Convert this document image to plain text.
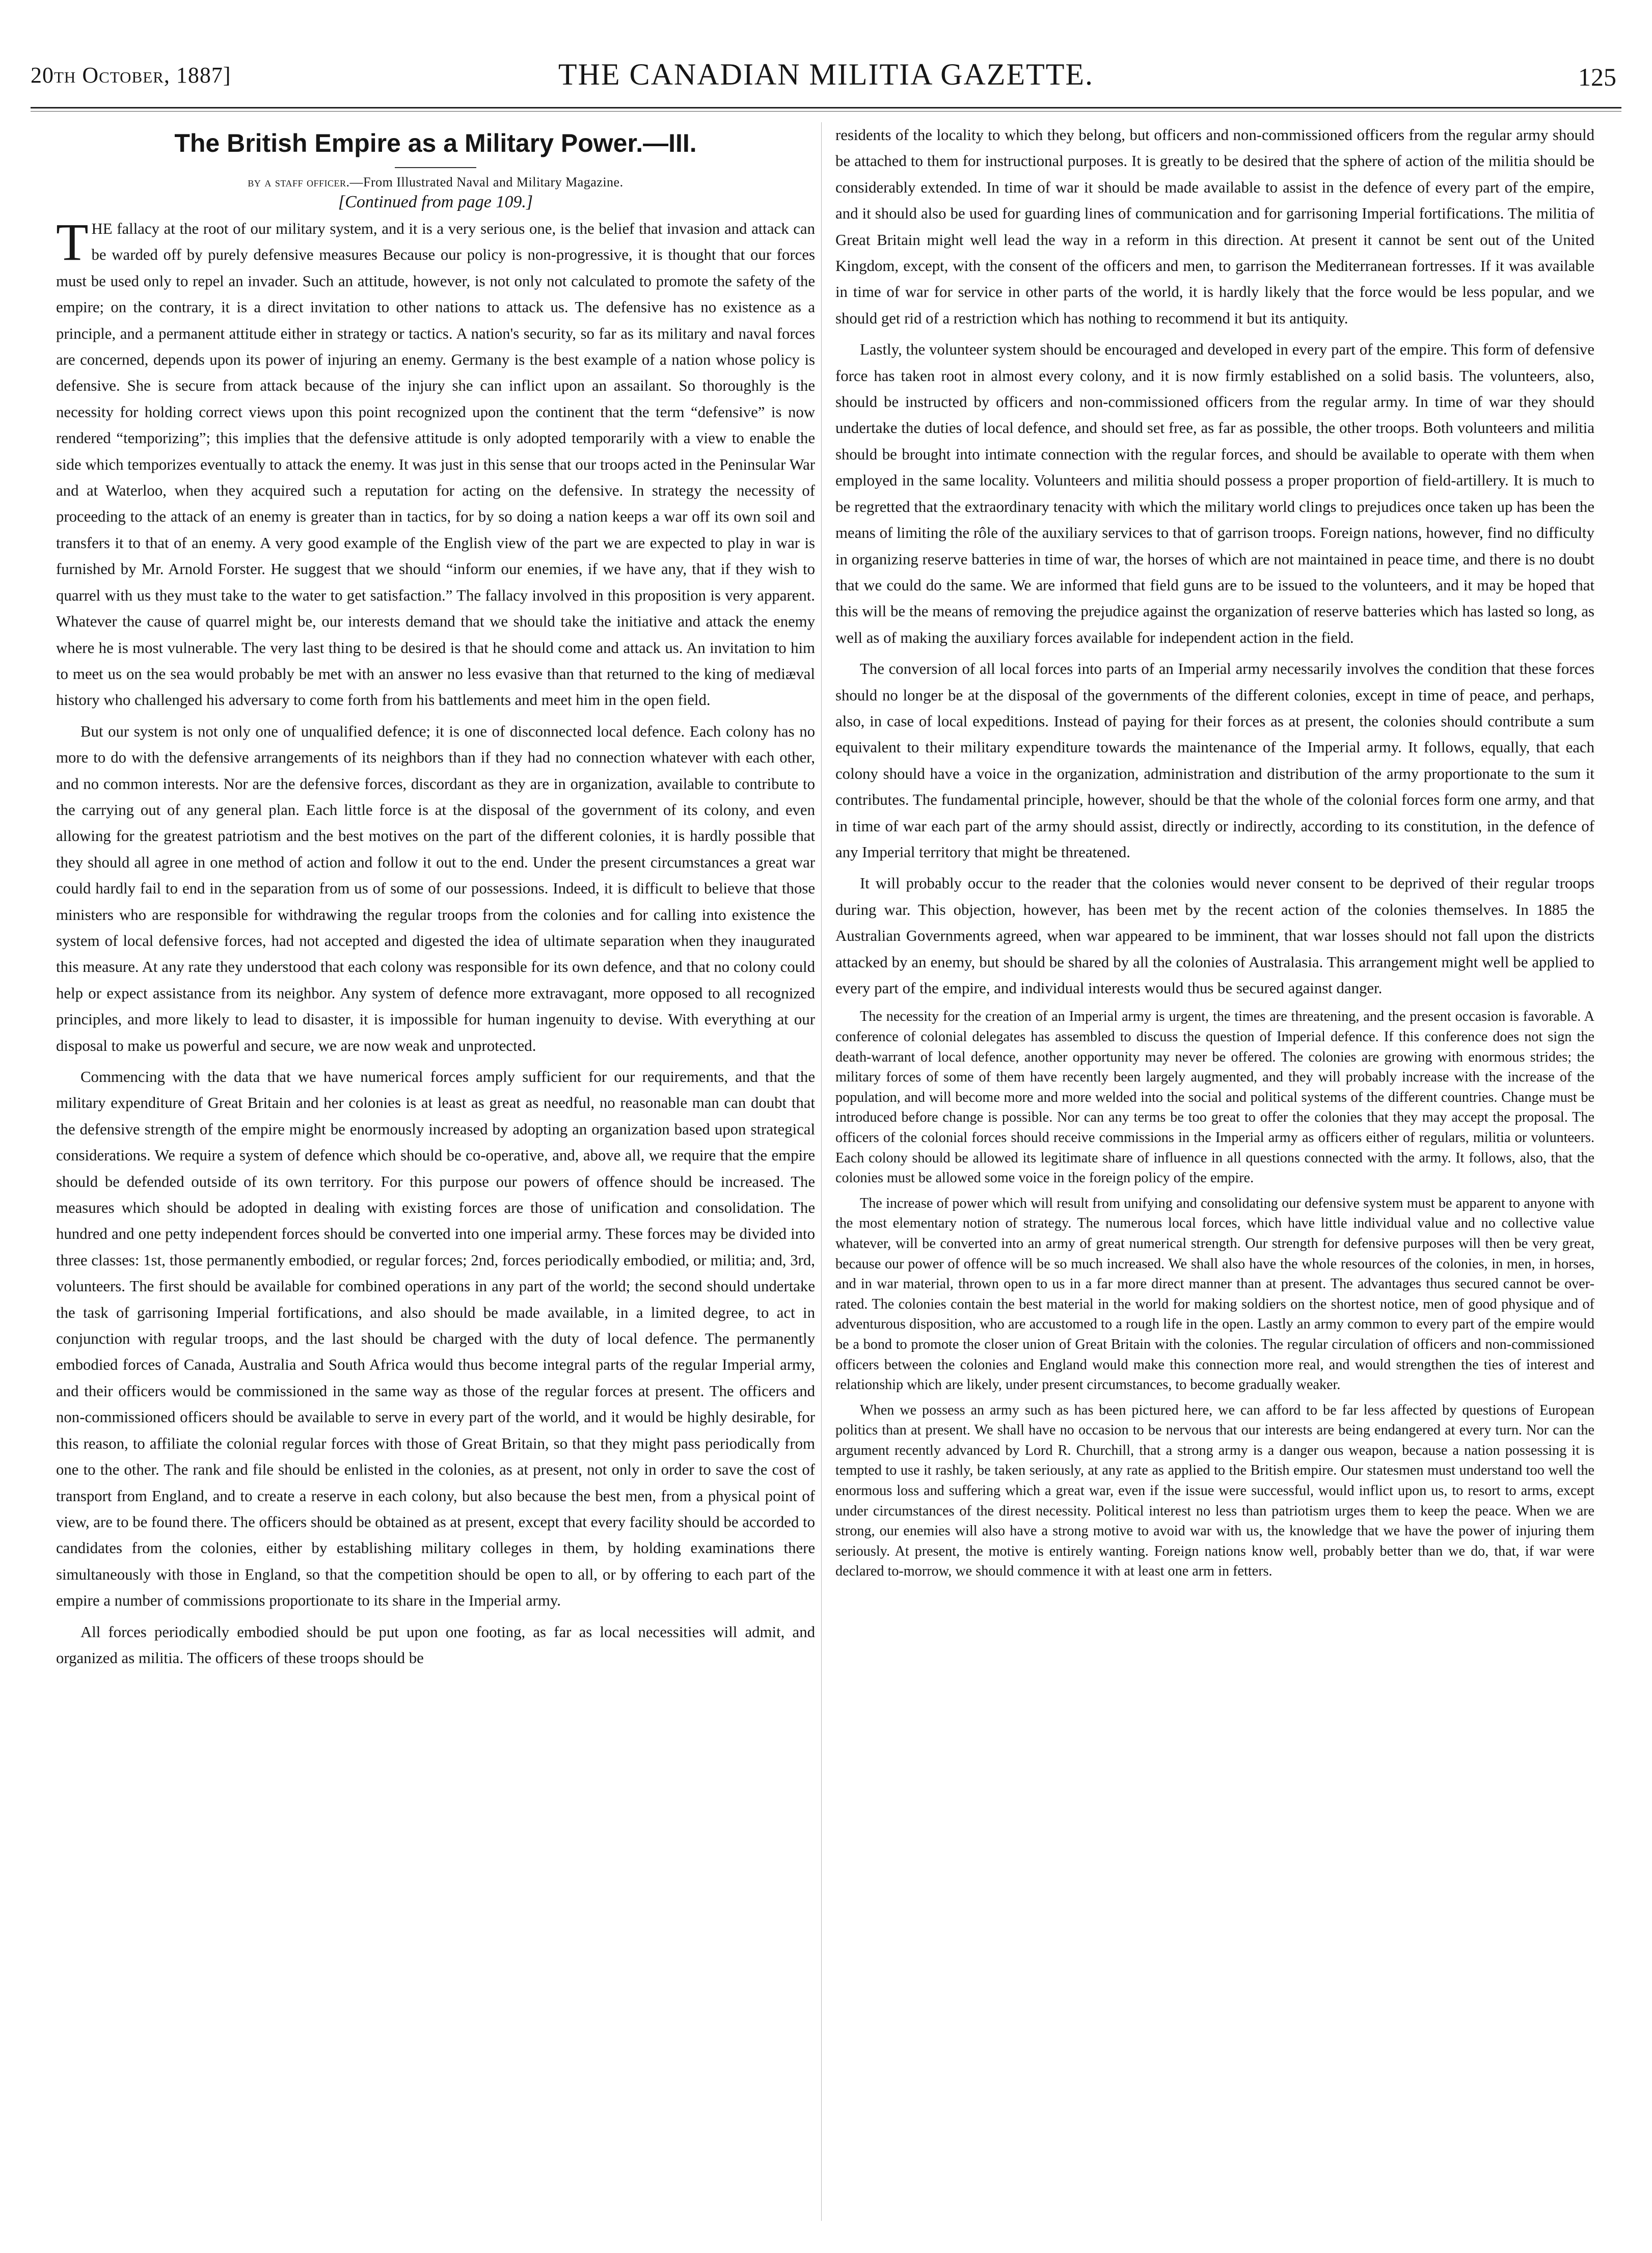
20th October, 1887]	THE CANADIAN MILITIA GAZETTE.	125
The British Empire as a Military Power.—III.
by a staff officer.—From Illustrated Naval and Military Magazine.
[Continued from page 109.]

THE fallacy at the root of our military system, and it is a very serious one, is the belief that invasion and attack can be warded off by purely defensive measures Because our policy is non-progressive, it is thought that our forces must be used only to repel an invader. Such an attitude, however, is not only not calculated to promote the safety of the empire; on the contrary, it is a direct invitation to other nations to attack us. The defensive has no existence as a principle, and a permanent attitude either in strategy or tactics. A nation's security, so far as its military and naval forces are concerned, depends upon its power of injuring an enemy. Germany is the best example of a nation whose policy is defensive. She is secure from attack because of the injury she can inflict upon an assailant. So thoroughly is the necessity for holding correct views upon this point recognized upon the continent that the term “defensive” is now rendered “temporizing”; this implies that the defensive attitude is only adopted temporarily with a view to enable the side which temporizes eventually to attack the enemy. It was just in this sense that our troops acted in the Peninsular War and at Waterloo, when they acquired such a reputation for acting on the defensive. In strategy the necessity of proceeding to the attack of an enemy is greater than in tactics, for by so doing a nation keeps a war off its own soil and transfers it to that of an enemy. A very good example of the English view of the part we are expected to play in war is furnished by Mr. Arnold Forster. He suggest that we should “inform our enemies, if we have any, that if they wish to quarrel with us they must take to the water to get satisfaction.” The fallacy involved in this proposition is very apparent. Whatever the cause of quarrel might be, our interests demand that we should take the initiative and attack the enemy where he is most vulnerable. The very last thing to be desired is that he should come and attack us. An invitation to him to meet us on the sea would probably be met with an answer no less evasive than that returned to the king of mediæval history who challenged his adversary to come forth from his battlements and meet him in the open field.

But our system is not only one of unqualified defence; it is one of disconnected local defence. Each colony has no more to do with the defensive arrangements of its neighbors than if they had no connection whatever with each other, and no common interests. Nor are the defensive forces, discordant as they are in organization, available to contribute to the carrying out of any general plan. Each little force is at the disposal of the government of its colony, and even allowing for the greatest patriotism and the best motives on the part of the different colonies, it is hardly possible that they should all agree in one method of action and follow it out to the end. Under the present circumstances a great war could hardly fail to end in the separation from us of some of our possessions. Indeed, it is difficult to believe that those ministers who are responsible for withdrawing the regular troops from the colonies and for calling into existence the system of local defensive forces, had not accepted and digested the idea of ultimate separation when they inaugurated this measure. At any rate they understood that each colony was responsible for its own defence, and that no colony could help or expect assistance from its neighbor. Any system of defence more extravagant, more opposed to all recognized principles, and more likely to lead to disaster, it is impossible for human ingenuity to devise. With everything at our disposal to make us powerful and secure, we are now weak and unprotected.

Commencing with the data that we have numerical forces amply sufficient for our requirements, and that the military expenditure of Great Britain and her colonies is at least as great as needful, no reasonable man can doubt that the defensive strength of the empire might be enormously increased by adopting an organization based upon strategical considerations. We require a system of defence which should be co-operative, and, above all, we require that the empire should be defended outside of its own territory. For this purpose our powers of offence should be increased. The measures which should be adopted in dealing with existing forces are those of unification and consolidation. The hundred and one petty independent forces should be converted into one imperial army. These forces may be divided into three classes: 1st, those permanently embodied, or regular forces; 2nd, forces periodically embodied, or militia; and, 3rd, volunteers. The first should be available for combined operations in any part of the world; the second should undertake the task of garrisoning Imperial fortifications, and also should be made available, in a limited degree, to act in conjunction with regular troops, and the last should be charged with the duty of local defence. The permanently embodied forces of Canada, Australia and South Africa would thus become integral parts of the regular Imperial army, and their officers would be commissioned in the same way as those of the regular forces at present. The officers and non-commissioned officers should be available to serve in every part of the world, and it would be highly desirable, for this reason, to affiliate the colonial regular forces with those of Great Britain, so that they might pass periodically from one to the other. The rank and file should be enlisted in the colonies, as at present, not only in order to save the cost of transport from England, and to create a reserve in each colony, but also because the best men, from a physical point of view, are to be found there. The officers should be obtained as at present, except that every facility should be accorded to candidates from the colonies, either by establishing military colleges in them, by holding examinations there simultaneously with those in England, so that the competition should be open to all, or by offering to each part of the empire a number of commissions proportionate to its share in the Imperial army.

All forces periodically embodied should be put upon one footing, as far as local necessities will admit, and organized as militia. The officers of these troops should be

residents of the locality to which they belong, but officers and non-commissioned officers from the regular army should be attached to them for instructional purposes. It is greatly to be desired that the sphere of action of the militia should be considerably extended. In time of war it should be made available to assist in the defence of every part of the empire, and it should also be used for guarding lines of communication and for garrisoning Imperial fortifications. The militia of Great Britain might well lead the way in a reform in this direction. At present it cannot be sent out of the United Kingdom, except, with the consent of the officers and men, to garrison the Mediterranean fortresses. If it was available in time of war for service in other parts of the world, it is hardly likely that the force would be less popular, and we should get rid of a restriction which has nothing to recommend it but its antiquity.

Lastly, the volunteer system should be encouraged and developed in every part of the empire. This form of defensive force has taken root in almost every colony, and it is now firmly established on a solid basis. The volunteers, also, should be instructed by officers and non-commissioned officers from the regular army. In time of war they should undertake the duties of local defence, and should set free, as far as possible, the other troops. Both volunteers and militia should be brought into intimate connection with the regular forces, and should be available to operate with them when employed in the same locality. Volunteers and militia should possess a proper proportion of field-artillery. It is much to be regretted that the extraordinary tenacity with which the military world clings to prejudices once taken up has been the means of limiting the rôle of the auxiliary services to that of garrison troops. Foreign nations, however, find no difficulty in organizing reserve batteries in time of war, the horses of which are not maintained in peace time, and there is no doubt that we could do the same. We are informed that field guns are to be issued to the volunteers, and it may be hoped that this will be the means of removing the prejudice against the organization of reserve batteries which has lasted so long, as well as of making the auxiliary forces available for independent action in the field.

The conversion of all local forces into parts of an Imperial army necessarily involves the condition that these forces should no longer be at the disposal of the governments of the different colonies, except in time of peace, and perhaps, also, in case of local expeditions. Instead of paying for their forces as at present, the colonies should contribute a sum equivalent to their military expenditure towards the maintenance of the Imperial army. It follows, equally, that each colony should have a voice in the organization, administration and distribution of the army proportionate to the sum it contributes. The fundamental principle, however, should be that the whole of the colonial forces form one army, and that in time of war each part of the army should assist, directly or indirectly, according to its constitution, in the defence of any Imperial territory that might be threatened.

It will probably occur to the reader that the colonies would never consent to be deprived of their regular troops during war. This objection, however, has been met by the recent action of the colonies themselves. In 1885 the Australian Governments agreed, when war appeared to be imminent, that war losses should not fall upon the districts attacked by an enemy, but should be shared by all the colonies of Australasia. This arrangement might well be applied to every part of the empire, and individual interests would thus be secured against danger.

The necessity for the creation of an Imperial army is urgent, the times are threatening, and the present occasion is favorable. A conference of colonial delegates has assembled to discuss the question of Imperial defence. If this conference does not sign the death-warrant of local defence, another opportunity may never be offered. The colonies are growing with enormous strides; the military forces of some of them have recently been largely augmented, and they will probably increase with the increase of the population, and will become more and more welded into the social and political systems of the different countries. Change must be introduced before change is possible. Nor can any terms be too great to offer the colonies that they may accept the proposal. The officers of the colonial forces should receive commissions in the Imperial army as officers either of regulars, militia or volunteers. Each colony should be allowed its legitimate share of influence in all questions connected with the army. It follows, also, that the colonies must be allowed some voice in the foreign policy of the empire.

The increase of power which will result from unifying and consolidating our defensive system must be apparent to anyone with the most elementary notion of strategy. The numerous local forces, which have little individual value and no collective value whatever, will be converted into an army of great numerical strength. Our strength for defensive purposes will then be very great, because our power of offence will be so much increased. We shall also have the whole resources of the colonies, in men, in horses, and in war material, thrown open to us in a far more direct manner than at present. The advantages thus secured cannot be over-rated. The colonies contain the best material in the world for making soldiers on the shortest notice, men of good physique and of adventurous disposition, who are accustomed to a rough life in the open. Lastly an army common to every part of the empire would be a bond to promote the closer union of Great Britain with the colonies. The regular circulation of officers and non-commissioned officers between the colonies and England would make this connection more real, and would strengthen the ties of interest and relationship which are likely, under present circumstances, to become gradually weaker.

When we possess an army such as has been pictured here, we can afford to be far less affected by questions of European politics than at present. We shall have no occasion to be nervous that our interests are being endangered at every turn. Nor can the argument recently advanced by Lord R. Churchill, that a strong army is a danger ous weapon, because a nation possessing it is tempted to use it rashly, be taken seriously, at any rate as applied to the British empire. Our statesmen must understand too well the enormous loss and suffering which a great war, even if the issue were successful, would inflict upon us, to resort to arms, except under circumstances of the direst necessity. Political interest no less than patriotism urges them to keep the peace. When we are strong, our enemies will also have a strong motive to avoid war with us, the knowledge that we have the power of injuring them seriously. At present, the motive is entirely wanting. Foreign nations know well, probably better than we do, that, if war were declared to-morrow, we should commence it with at least one arm in fetters.
